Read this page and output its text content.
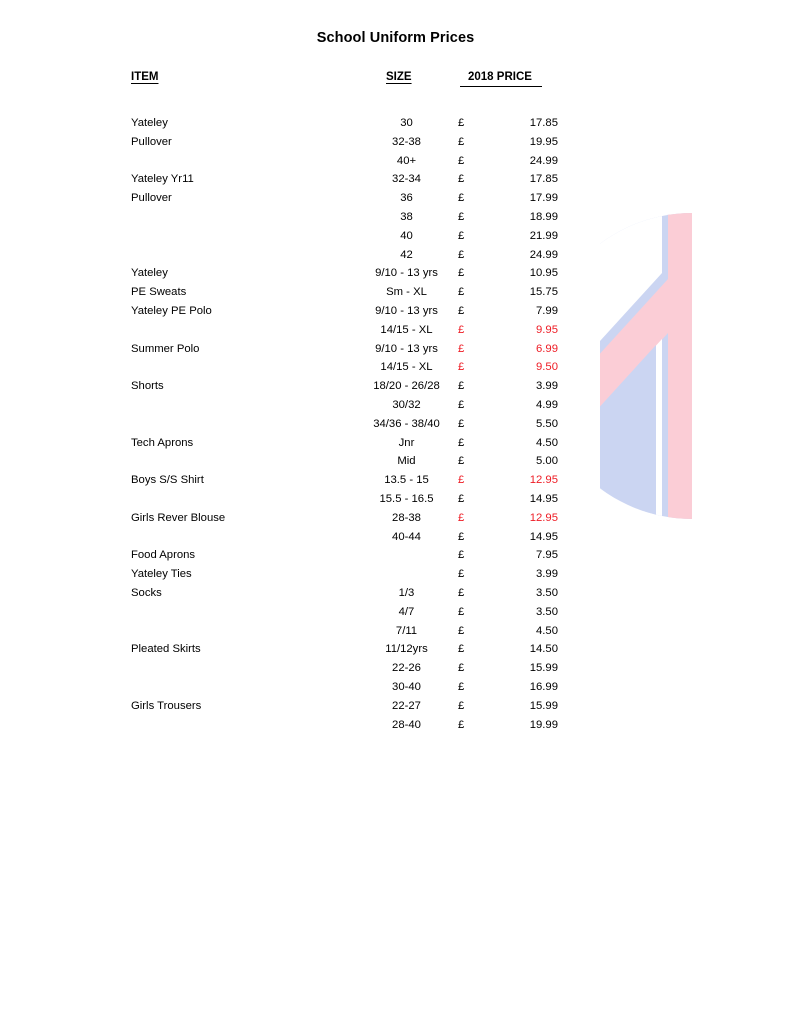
School Uniform Prices
ITEM	SIZE	2018 PRICE
Yateley	30	£	17.85
Pullover	32-38	£	19.95
	40+	£	24.99
Yateley Yr11	32-34	£	17.85
Pullover	36	£	17.99
	38	£	18.99
	40	£	21.99
	42	£	24.99
Yateley	9/10 - 13 yrs	£	10.95
PE Sweats	Sm - XL	£	15.75
Yateley PE Polo	9/10 - 13 yrs	£	7.99
	14/15 - XL	£	9.95
Summer Polo	9/10 - 13 yrs	£	6.99
	14/15 - XL	£	9.50
Shorts	18/20 - 26/28	£	3.99
	30/32	£	4.99
	34/36 - 38/40	£	5.50
Tech Aprons	Jnr	£	4.50
	Mid	£	5.00
Boys S/S Shirt	13.5 - 15	£	12.95
	15.5 - 16.5	£	14.95
Girls Rever Blouse	28-38	£	12.95
	40-44	£	14.95
Food Aprons		£	7.95
Yateley Ties		£	3.99
Socks	1/3	£	3.50
	4/7	£	3.50
	7/11	£	4.50
Pleated Skirts	11/12yrs	£	14.50
	22-26	£	15.99
	30-40	£	16.99
Girls Trousers	22-27	£	15.99
	28-40	£	19.99
